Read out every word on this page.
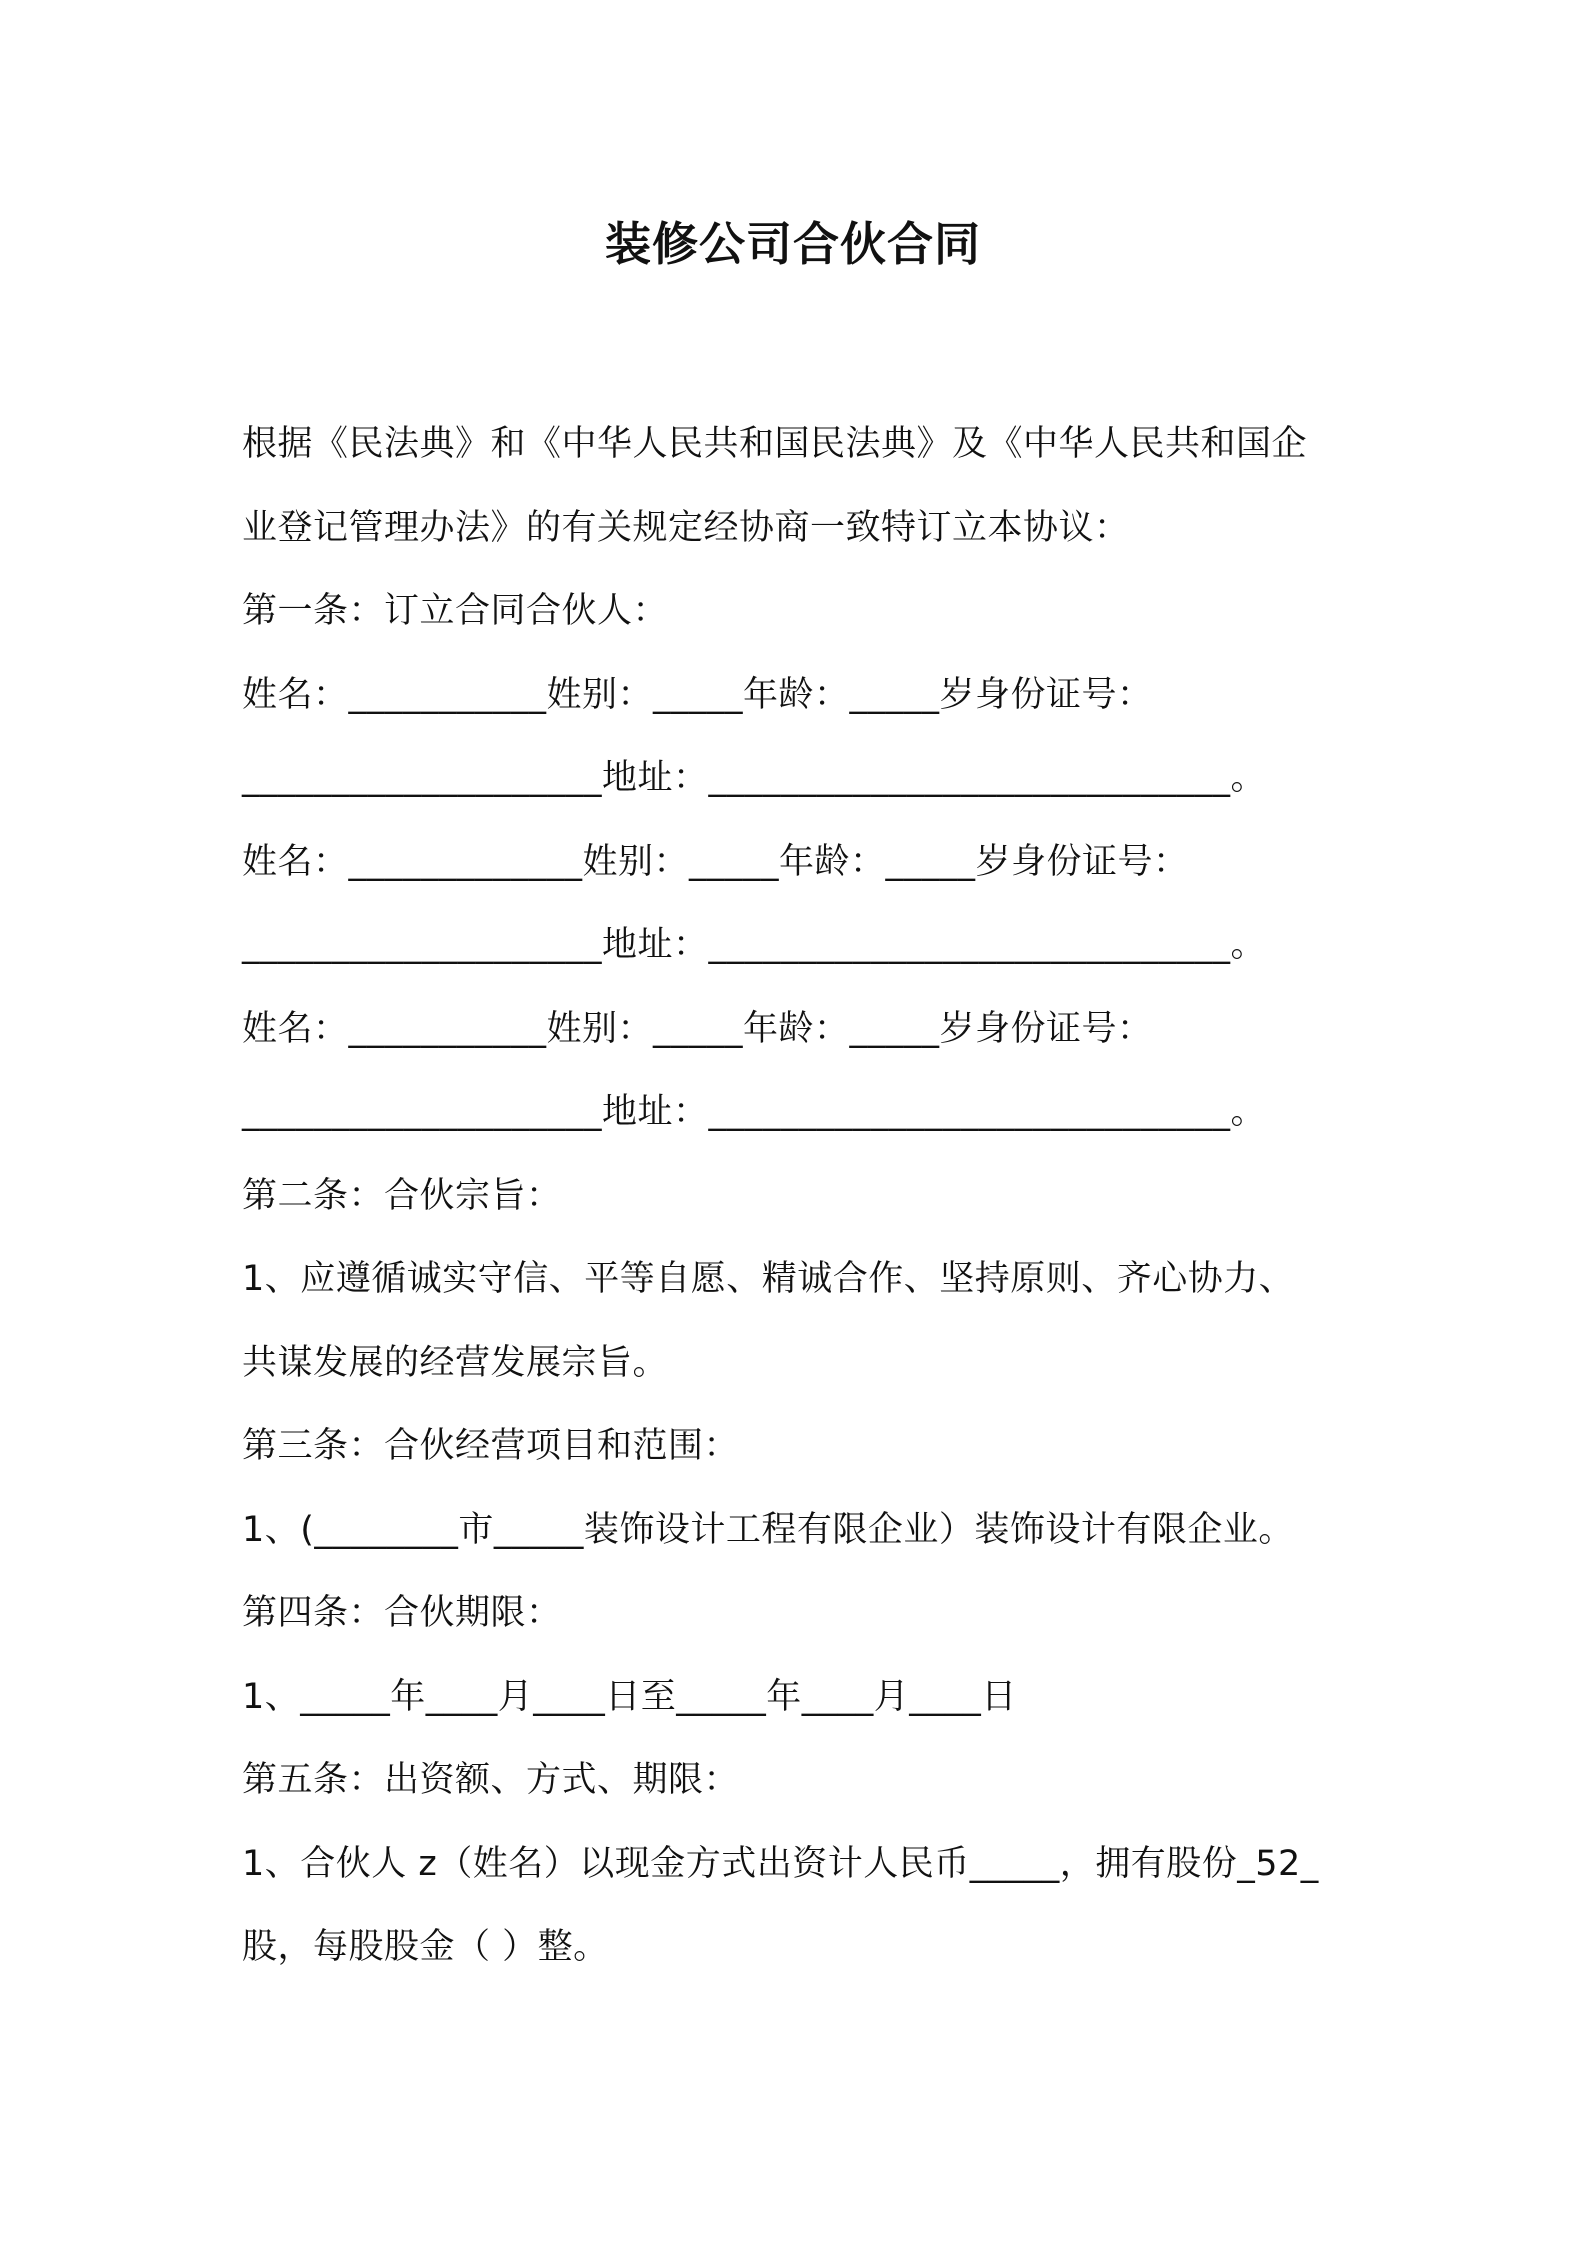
装修公司合伙合同
根据《民法典》和《中华人民共和国民法典》及《中华人民共和国企
业登记管理办法》的有关规定经协商一致特订立本协议：
第一条：订立合同合伙人：
姓名：___________姓别：_____年龄：_____岁身份证号：
____________________地址：_____________________________。
姓名：_____________姓别：_____年龄：_____岁身份证号：
____________________地址：_____________________________。
姓名：___________姓别：_____年龄：_____岁身份证号：
____________________地址：_____________________________。
第二条：合伙宗旨：
1、应遵循诚实守信、平等自愿、精诚合作、坚持原则、齐心协力、
共谋发展的经营发展宗旨。
第三条：合伙经营项目和范围：
1、(________市_____装饰设计工程有限企业）装饰设计有限企业。
第四条：合伙期限：
1、_____年____月____日至_____年____月____日
第五条：出资额、方式、期限：
1、合伙人 z（姓名）以现金方式出资计人民币_____，拥有股份_52_
股，每股股金（ ）整。
